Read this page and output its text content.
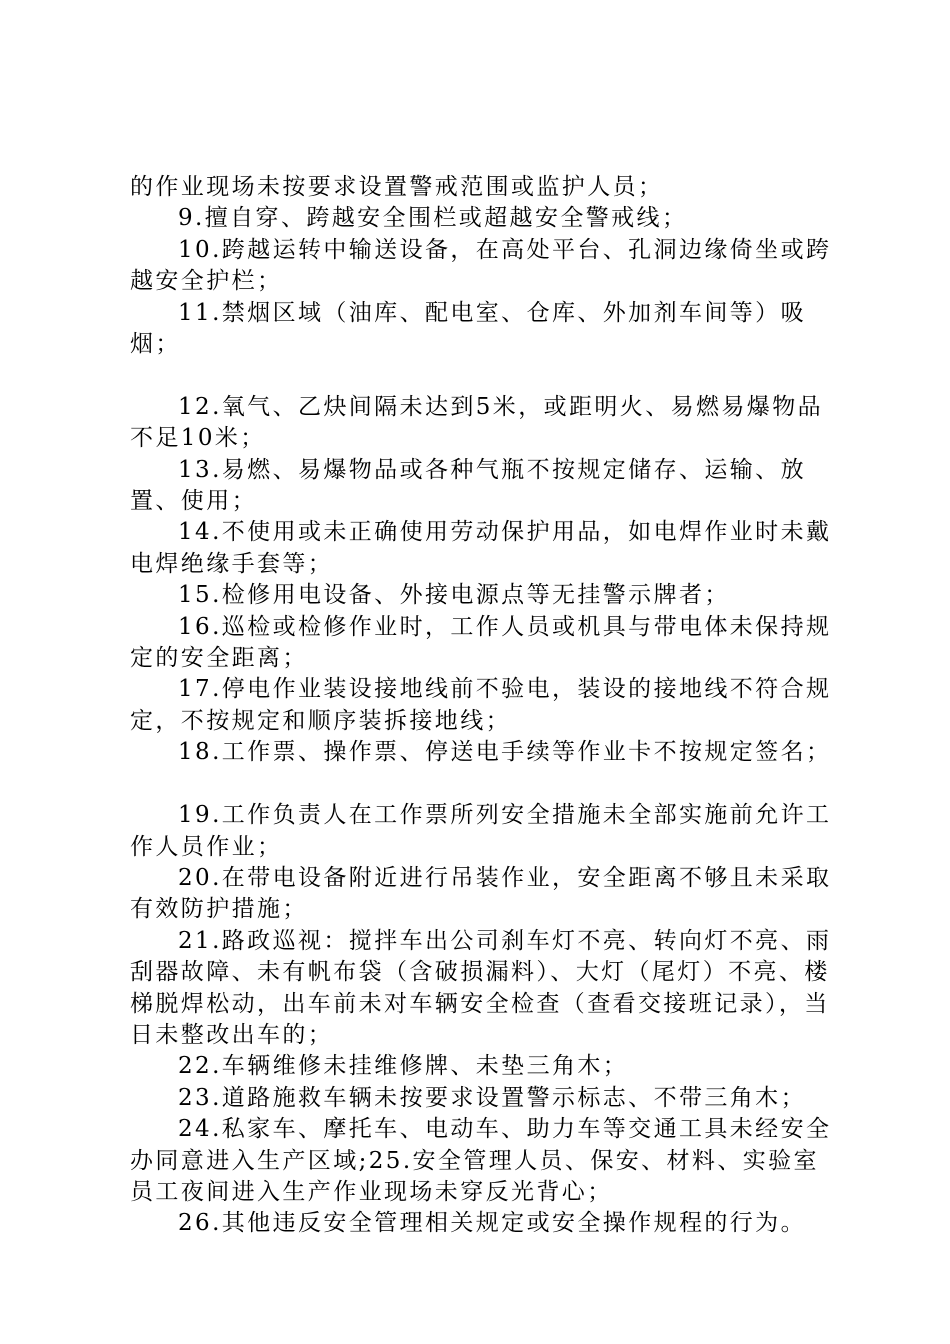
的作业现场未按要求设置警戒范围或监护人员；

9.擅自穿、跨越安全围栏或超越安全警戒线；

10.跨越运转中输送设备，在高处平台、孔洞边缘倚坐或跨越安全护栏；

11.禁烟区域（油库、配电室、仓库、外加剂车间等）吸烟；

12.氧气、乙炔间隔未达到5米，或距明火、易燃易爆物品不足10米；

13.易燃、易爆物品或各种气瓶不按规定储存、运输、放置、使用；

14.不使用或未正确使用劳动保护用品，如电焊作业时未戴电焊绝缘手套等；

15.检修用电设备、外接电源点等无挂警示牌者；

16.巡检或检修作业时，工作人员或机具与带电体未保持规定的安全距离；

17.停电作业装设接地线前不验电，装设的接地线不符合规定，不按规定和顺序装拆接地线；

18.工作票、操作票、停送电手续等作业卡不按规定签名；

19.工作负责人在工作票所列安全措施未全部实施前允许工作人员作业；

20.在带电设备附近进行吊装作业，安全距离不够且未采取有效防护措施；

21.路政巡视：搅拌车出公司刹车灯不亮、转向灯不亮、雨刮器故障、未有帆布袋（含破损漏料）、大灯（尾灯）不亮、楼梯脱焊松动，出车前未对车辆安全检查（查看交接班记录），当日未整改出车的；

22.车辆维修未挂维修牌、未垫三角木；

23.道路施救车辆未按要求设置警示标志、不带三角木；

24.私家车、摩托车、电动车、助力车等交通工具未经安全办同意进入生产区域;25.安全管理人员、保安、材料、实验室员工夜间进入生产作业现场未穿反光背心；

26.其他违反安全管理相关规定或安全操作规程的行为。
